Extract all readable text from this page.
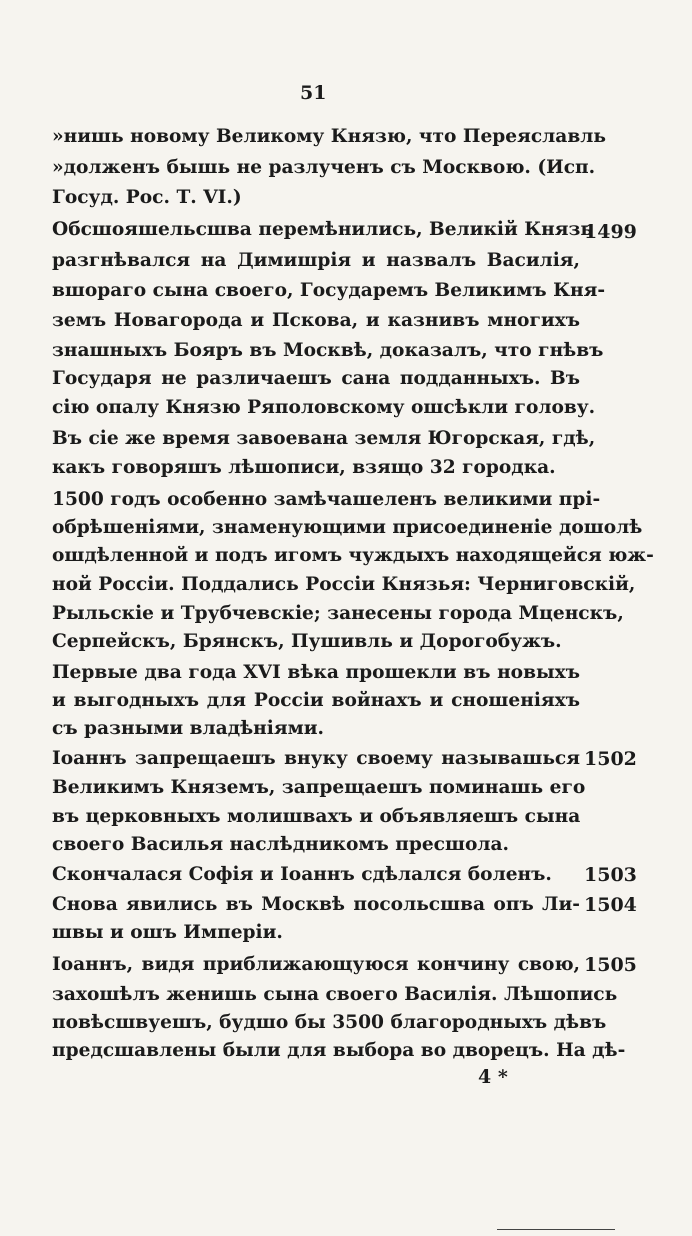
51
»нишь новому Великому Князю, что Переяславль
»долженъ бышь не разлученъ съ Москвою. (Исп.
Госуд. Рос. Т. VI.)
Обсшояшельсшва перемѣнились, Великій Князь
1499
разгнѣвался на Димишрія и назвалъ Василія,
вшораго сына своего, Государемъ Великимъ Кня-
земъ Новагорода и Пскова, и казнивъ многихъ
знашныхъ Бояръ въ Москвѣ, доказалъ, что гнѣвъ
Государя не различаешъ сана подданныхъ. Въ
сію опалу Князю Ряполовскому ошсѣкли голову.
Въ сіе же время завоевана земля Югорская, гдѣ,
какъ говоряшъ лѣшописи, взящо 32 городка.
1500 годъ особенно замѣчашеленъ великими прі-
обрѣшеніями, знаменующими присоединеніе дошолѣ
ошдѣленной и подъ игомъ чуждыхъ находящейся юж-
ной Россіи. Поддались Россіи Князья: Черниговскій,
Рыльскіе и Трубчевскіе; занесены города Мценскъ,
Серпейскъ, Брянскъ, Пушивль и Дорогобужъ.
Первые два года XVI вѣка прошекли въ новыхъ
и выгодныхъ для Россіи войнахъ и сношеніяхъ
съ разными владѣніями.
Іоаннъ запрещаешъ внуку своему называшься 1502
Великимъ Княземъ, запрещаешъ поминашь его
въ церковныхъ молишвахъ и объявляешъ сына
своего Василья наслѣдникомъ пресшола.
Скончалася Софія и Іоаннъ сдѣлался боленъ.	1503
Снова явились въ Москвѣ посольсшва опъ Ли- 1504
швы и ошъ Имперіи.
Іоаннъ, видя приближающуюся кончину свою, 1505
захошѣлъ женишь сына своего Василія. Лѣшопись
повѣсшвуешъ, будшо бы 3500 благородныхъ дѣвъ
предсшавлены были для выбора во дворецъ. На дѣ-
4 *
